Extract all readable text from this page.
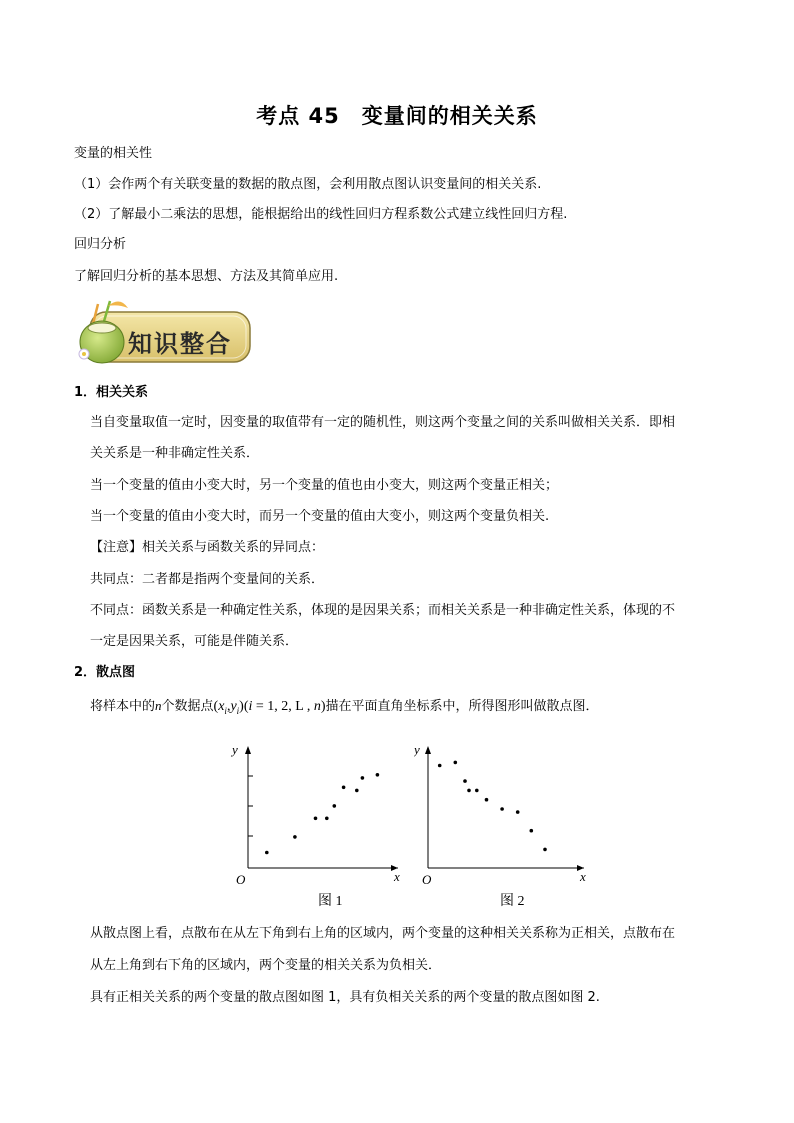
考点 45　变量间的相关关系
变量的相关性
（1）会作两个有关联变量的数据的散点图，会利用散点图认识变量间的相关关系.
（2）了解最小二乘法的思想，能根据给出的线性回归方程系数公式建立线性回归方程.
回归分析
了解回归分析的基本思想、方法及其简单应用.
知识整合
1．相关关系
当自变量取值一定时，因变量的取值带有一定的随机性，则这两个变量之间的关系叫做相关关系．即相
关关系是一种非确定性关系．
当一个变量的值由小变大时，另一个变量的值也由小变大，则这两个变量正相关；
当一个变量的值由小变大时，而另一个变量的值由大变小，则这两个变量负相关.
【注意】相关关系与函数关系的异同点：
共同点：二者都是指两个变量间的关系．
不同点：函数关系是一种确定性关系，体现的是因果关系；而相关关系是一种非确定性关系，体现的不
一定是因果关系，可能是伴随关系．
2．散点图
将样本中的n个数据点$(x_i,y_i)(i = 1$, 2, L , n)描在平面直角坐标系中，所得图形叫做散点图．
y
x
O
图 1
y
x
O
图 2
从散点图上看，点散布在从左下角到右上角的区域内，两个变量的这种相关关系称为正相关，点散布在
从左上角到右下角的区域内，两个变量的相关关系为负相关．
具有正相关关系的两个变量的散点图如图 1，具有负相关关系的两个变量的散点图如图 2.
